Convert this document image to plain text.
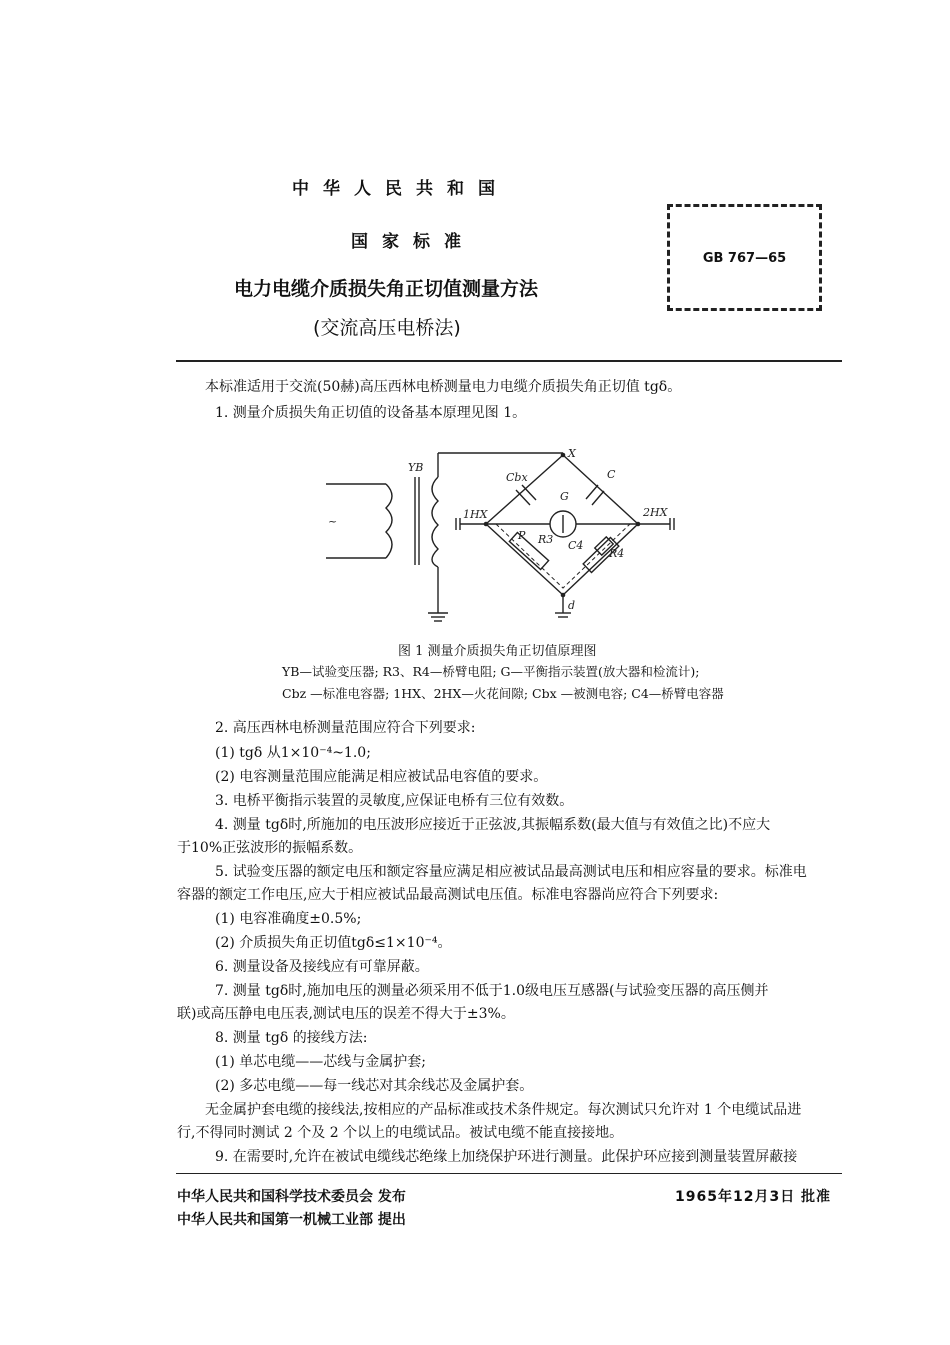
中华人民共和国
国家标准
电力电缆介质损失角正切值测量方法
(交流高压电桥法)
GB 767—65
本标准适用于交流(50赫)高压西林电桥测量电力电缆介质损失角正切值 tgδ。
1. 测量介质损失角正切值的设备基本原理见图 1。
YB
~
X
Cbx	C
G
1HX	2HX
P R3 C4
R4
d
图 1 测量介质损失角正切值原理图
YB—试验变压器; R3、R4—桥臂电阻; G—平衡指示装置(放大器和检流计);
Cbz —标准电容器; 1HX、2HX—火花间隙; Cbx —被测电容; C4—桥臂电容器
2. 高压西林电桥测量范围应符合下列要求:
(1) tgδ 从1×10⁻⁴~1.0;
(2) 电容测量范围应能满足相应被试品电容值的要求。
3. 电桥平衡指示装置的灵敏度,应保证电桥有三位有效数。
4. 测量 tgδ时,所施加的电压波形应接近于正弦波,其振幅系数(最大值与有效值之比)不应大
于10%正弦波形的振幅系数。
5. 试验变压器的额定电压和额定容量应满足相应被试品最高测试电压和相应容量的要求。标准电
容器的额定工作电压,应大于相应被试品最高测试电压值。标准电容器尚应符合下列要求:
(1) 电容准确度±0.5%;
(2) 介质损失角正切值tgδ≤1×10⁻⁴。
6. 测量设备及接线应有可靠屏蔽。
7. 测量 tgδ时,施加电压的测量必须采用不低于1.0级电压互感器(与试验变压器的高压侧并
联)或高压静电电压表,测试电压的误差不得大于±3%。
8. 测量 tgδ 的接线方法:
(1) 单芯电缆——芯线与金属护套;
(2) 多芯电缆——每一线芯对其余线芯及金属护套。
无金属护套电缆的接线法,按相应的产品标准或技术条件规定。每次测试只允许对 1 个电缆试品进
行,不得同时测试 2 个及 2 个以上的电缆试品。被试电缆不能直接接地。
9. 在需要时,允许在被试电缆线芯绝缘上加绕保护环进行测量。此保护环应接到测量装置屏蔽接
中华人民共和国科学技术委员会 发布
中华人民共和国第一机械工业部 提出
1965年12月3日 批准
